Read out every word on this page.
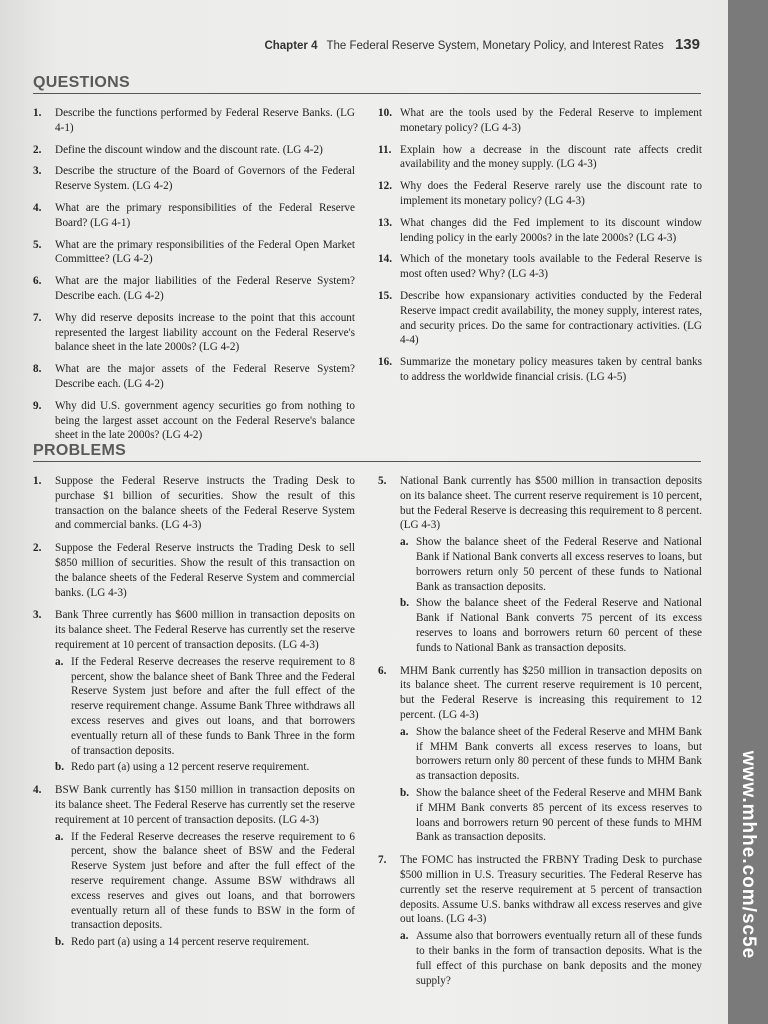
www.mhhe.com/sc5e
Chapter 4 The Federal Reserve System, Monetary Policy, and Interest Rates 139
QUESTIONS
1.	Describe the functions performed by Federal Reserve Banks. (LG 4-1)
2.	Define the discount window and the discount rate. (LG 4-2)
3.	Describe the structure of the Board of Governors of the Federal Reserve System. (LG 4-2)
4.	What are the primary responsibilities of the Federal Reserve Board? (LG 4-1)
5.	What are the primary responsibilities of the Federal Open Market Committee? (LG 4-2)
6.	What are the major liabilities of the Federal Reserve System? Describe each. (LG 4-2)
7.	Why did reserve deposits increase to the point that this account represented the largest liability account on the Federal Reserve's balance sheet in the late 2000s? (LG 4-2)
8.	What are the major assets of the Federal Reserve System? Describe each. (LG 4-2)
9.	Why did U.S. government agency securities go from nothing to being the largest asset account on the Federal Reserve's balance sheet in the late 2000s? (LG 4-2)
10. What are the tools used by the Federal Reserve to implement monetary policy? (LG 4-3)
11. Explain how a decrease in the discount rate affects credit availability and the money supply. (LG 4-3)
12. Why does the Federal Reserve rarely use the discount rate to implement its monetary policy? (LG 4-3)
13. What changes did the Fed implement to its discount window lending policy in the early 2000s? in the late 2000s? (LG 4-3)
14. Which of the monetary tools available to the Federal Reserve is most often used? Why? (LG 4-3)
15. Describe how expansionary activities conducted by the Federal Reserve impact credit availability, the money supply, interest rates, and security prices. Do the same for contractionary activities. (LG 4-4)
16. Summarize the monetary policy measures taken by central banks to address the worldwide financial crisis. (LG 4-5)
PROBLEMS
1.	Suppose the Federal Reserve instructs the Trading Desk to purchase $1 billion of securities. Show the result of this transaction on the balance sheets of the Federal Reserve System and commercial banks. (LG 4-3)
2.	Suppose the Federal Reserve instructs the Trading Desk to sell $850 million of securities. Show the result of this transaction on the balance sheets of the Federal Reserve System and commercial banks. (LG 4-3)
3.	Bank Three currently has $600 million in transaction deposits on its balance sheet. The Federal Reserve has currently set the reserve requirement at 10 percent of transaction deposits. (LG 4-3)
a. If the Federal Reserve decreases the reserve requirement to 8 percent, show the balance sheet of Bank Three and the Federal Reserve System just before and after the full effect of the reserve requirement change. Assume Bank Three withdraws all excess reserves and gives out loans, and that borrowers eventually return all of these funds to Bank Three in the form of transaction deposits.
b. Redo part (a) using a 12 percent reserve requirement.
4.	BSW Bank currently has $150 million in transaction deposits on its balance sheet. The Federal Reserve has currently set the reserve requirement at 10 percent of transaction deposits. (LG 4-3)
a. If the Federal Reserve decreases the reserve requirement to 6 percent, show the balance sheet of BSW and the Federal Reserve System just before and after the full effect of the reserve requirement change. Assume BSW withdraws all excess reserves and gives out loans, and that borrowers eventually return all of these funds to BSW in the form of transaction deposits.
b. Redo part (a) using a 14 percent reserve requirement.
5.	National Bank currently has $500 million in transaction deposits on its balance sheet. The current reserve requirement is 10 percent, but the Federal Reserve is decreasing this requirement to 8 percent. (LG 4-3)
a. Show the balance sheet of the Federal Reserve and National Bank if National Bank converts all excess reserves to loans, but borrowers return only 50 percent of these funds to National Bank as transaction deposits.
b. Show the balance sheet of the Federal Reserve and National Bank if National Bank converts 75 percent of its excess reserves to loans and borrowers return 60 percent of these funds to National Bank as transaction deposits.
6.	MHM Bank currently has $250 million in transaction deposits on its balance sheet. The current reserve requirement is 10 percent, but the Federal Reserve is increasing this requirement to 12 percent. (LG 4-3)
a. Show the balance sheet of the Federal Reserve and MHM Bank if MHM Bank converts all excess reserves to loans, but borrowers return only 80 percent of these funds to MHM Bank as transaction deposits.
b. Show the balance sheet of the Federal Reserve and MHM Bank if MHM Bank converts 85 percent of its excess reserves to loans and borrowers return 90 percent of these funds to MHM Bank as transaction deposits.
7.	The FOMC has instructed the FRBNY Trading Desk to purchase $500 million in U.S. Treasury securities. The Federal Reserve has currently set the reserve requirement at 5 percent of transaction deposits. Assume U.S. banks withdraw all excess reserves and give out loans. (LG 4-3)
a. Assume also that borrowers eventually return all of these funds to their banks in the form of transaction deposits. What is the full effect of this purchase on bank deposits and the money supply?
